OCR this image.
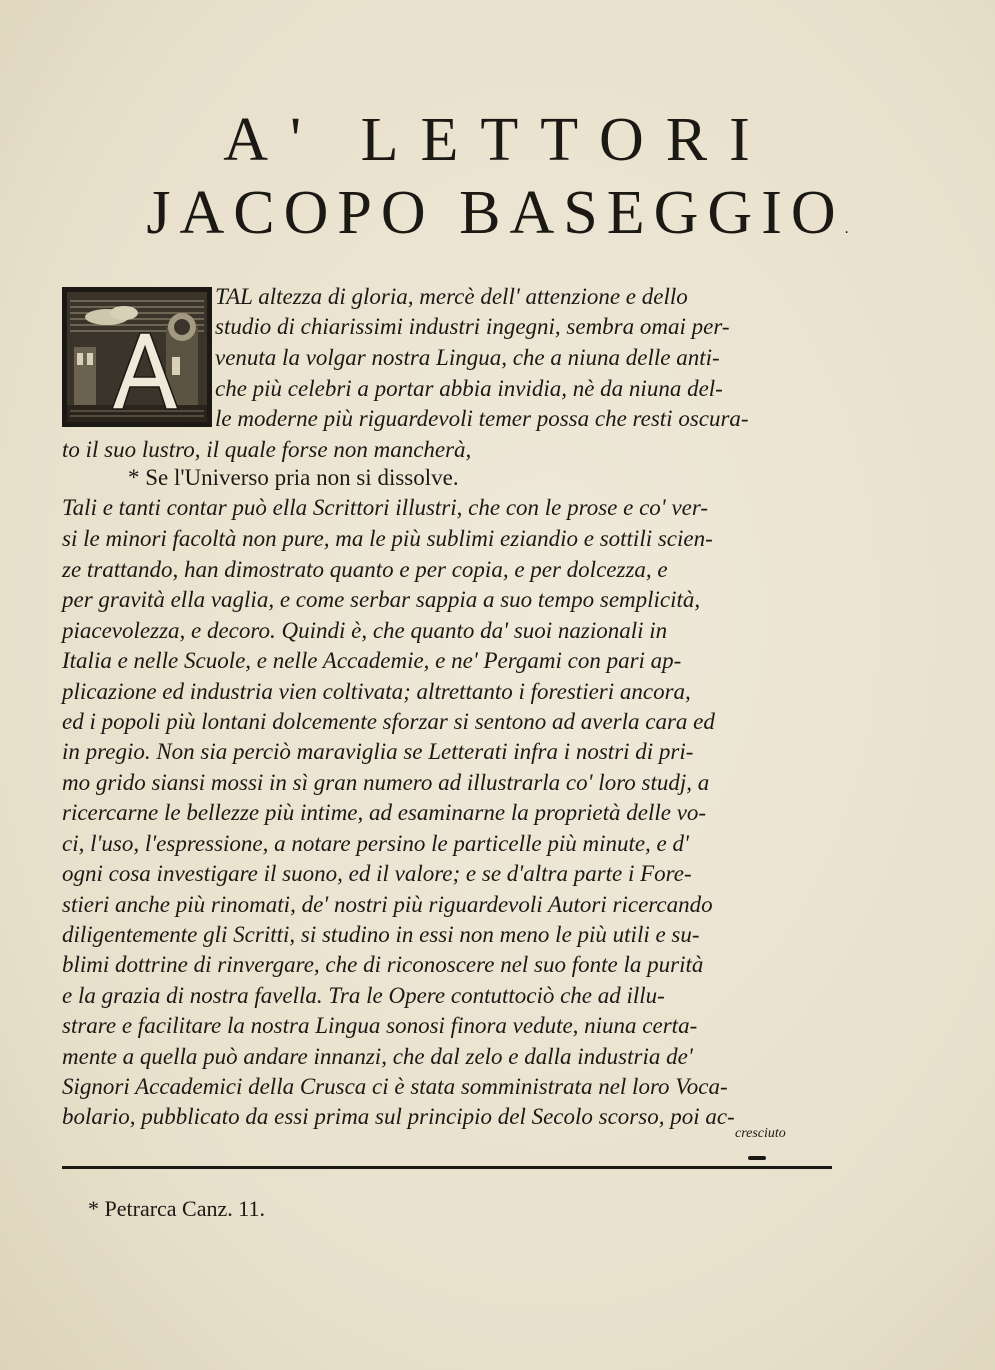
A' LETTORI
JACOPO BASEGGIO.
TAL altezza di gloria, mercè dell' attenzione e dello
studio di chiarissimi industri ingegni, sembra omai per-
venuta la volgar nostra Lingua, che a niuna delle anti-
che più celebri a portar abbia invidia, nè da niuna del-
le moderne più riguardevoli temer possa che resti oscura-
to il suo lustro, il quale forse non mancherà,
* Se l'Universo pria non si dissolve.
Tali e tanti contar può ella Scrittori illustri, che con le prose e co' ver-
si le minori facoltà non pure, ma le più sublimi eziandio e sottili scien-
ze trattando, han dimostrato quanto e per copia, e per dolcezza, e
per gravità ella vaglia, e come serbar sappia a suo tempo semplicità,
piacevolezza, e decoro. Quindi è, che quanto da' suoi nazionali in
Italia e nelle Scuole, e nelle Accademie, e ne' Pergami con pari ap-
plicazione ed industria vien coltivata; altrettanto i forestieri ancora,
ed i popoli più lontani dolcemente sforzar si sentono ad averla cara ed
in pregio. Non sia perciò maraviglia se Letterati infra i nostri di pri-
mo grido siansi mossi in sì gran numero ad illustrarla co' loro studj, a
ricercarne le bellezze più intime, ad esaminarne la proprietà delle vo-
ci, l'uso, l'espressione, a notare persino le particelle più minute, e d'
ogni cosa investigare il suono, ed il valore; e se d'altra parte i Fore-
stieri anche più rinomati, de' nostri più riguardevoli Autori ricercando
diligentemente gli Scritti, si studino in essi non meno le più utili e su-
blimi dottrine di rinvergare, che di riconoscere nel suo fonte la purità
e la grazia di nostra favella. Tra le Opere contuttociò che ad illu-
strare e facilitare la nostra Lingua sonosi finora vedute, niuna certa-
mente a quella può andare innanzi, che dal zelo e dalla industria de'
Signori Accademici della Crusca ci è stata somministrata nel loro Voca-
bolario, pubblicato da essi prima sul principio del Secolo scorso, poi ac-
cresciuto
* Petrarca Canz. 11.
